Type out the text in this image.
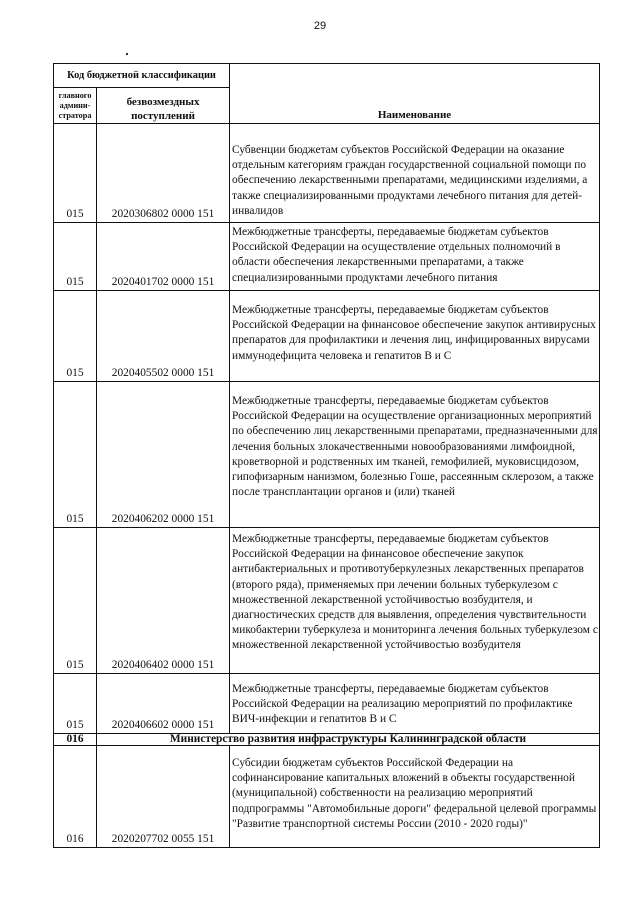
29
Код бюджетной классификации		Наименование
главного админи-стратора	безвозмездных поступлений	
015	2020306802 0000 151	Субвенции бюджетам субъектов Российской Федерации на оказание отдельным категориям граждан государственной социальной помощи по обеспечению лекарственными препаратами, медицинскими изделиями, а также специализированными продуктами лечебного питания для детей-инвалидов
015	2020401702 0000 151	Межбюджетные трансферты, передаваемые бюджетам субъектов Российской Федерации на осуществление отдельных полномочий в области обеспечения лекарственными препаратами, а также специализированными продуктами лечебного питания
015	2020405502 0000 151	Межбюджетные трансферты, передаваемые бюджетам субъектов Российской Федерации на финансовое обеспечение закупок антивирусных препаратов для профилактики и лечения лиц, инфицированных вирусами иммунодефицита человека и гепатитов В и С
015	2020406202 0000 151	Межбюджетные трансферты, передаваемые бюджетам субъектов Российской Федерации на осуществление организационных мероприятий по обеспечению лиц лекарственными препаратами, предназначенными для лечения больных злокачественными новообразованиями лимфоидной, кроветворной и родственных им тканей, гемофилией, муковисцидозом, гипофизарным нанизмом, болезнью Гоше, рассеянным склерозом, а также после трансплантации органов и (или) тканей
015	2020406402 0000 151	Межбюджетные трансферты, передаваемые бюджетам субъектов Российской Федерации на финансовое обеспечение закупок антибактериальных и противотуберкулезных лекарственных препаратов (второго ряда), применяемых при лечении больных туберкулезом с множественной лекарственной устойчивостью возбудителя, и диагностических средств для выявления, определения чувствительности микобактерии туберкулеза и мониторинга лечения больных туберкулезом с множественной лекарственной устойчивостью возбудителя
015	2020406602 0000 151	Межбюджетные трансферты, передаваемые бюджетам субъектов Российской Федерации на реализацию мероприятий по профилактике ВИЧ-инфекции и гепатитов В и С
016	Министерство развития инфраструктуры Калининградской области	
016	2020207702 0055 151	Субсидии бюджетам субъектов Российской Федерации на софинансирование капитальных вложений в объекты государственной (муниципальной) собственности на реализацию мероприятий подпрограммы "Автомобильные дороги" федеральной целевой программы "Развитие транспортной системы России (2010 - 2020 годы)"
